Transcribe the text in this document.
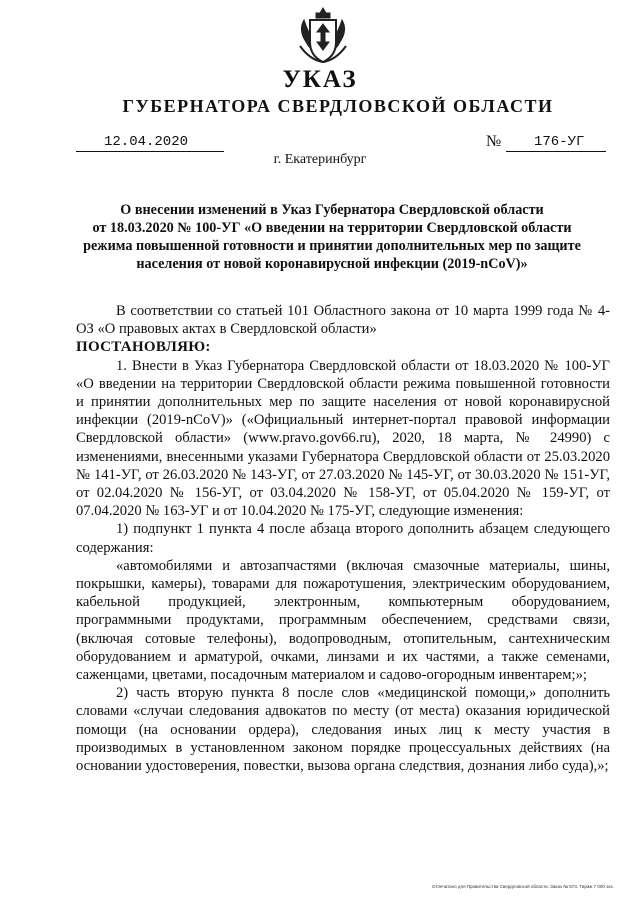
УКАЗ
ГУБЕРНАТОРА СВЕРДЛОВСКОЙ ОБЛАСТИ
12.04.2020	№	176-УГ
г. Екатеринбург
О внесении изменений в Указ Губернатора Свердловской области
от 18.03.2020 № 100-УГ «О введении на территории Свердловской области
режима повышенной готовности и принятии дополнительных мер по защите
населения от новой коронавирусной инфекции (2019-nCoV)»

В соответствии со статьей 101 Областного закона от 10 марта 1999 года № 4-ОЗ «О правовых актах в Свердловской области»

ПОСТАНОВЛЯЮ:

1. Внести в Указ Губернатора Свердловской области от 18.03.2020 № 100-УГ «О введении на территории Свердловской области режима повышенной готовности и принятии дополнительных мер по защите населения от новой коронавирусной инфекции (2019-nCoV)» («Официальный интернет-портал правовой информации Свердловской области» (www.pravo.gov66.ru), 2020, 18 марта, № 24990) с изменениями, внесенными указами Губернатора Свердловской области от 25.03.2020 № 141-УГ, от 26.03.2020 № 143-УГ, от 27.03.2020 № 145-УГ, от 30.03.2020 № 151-УГ, от 02.04.2020 № 156-УГ, от 03.04.2020 № 158-УГ, от 05.04.2020 № 159-УГ, от 07.04.2020 № 163-УГ и от 10.04.2020 № 175-УГ, следующие изменения:

1) подпункт 1 пункта 4 после абзаца второго дополнить абзацем следующего содержания:

«автомобилями и автозапчастями (включая смазочные материалы, шины, покрышки, камеры), товарами для пожаротушения, электрическим оборудованием, кабельной продукцией, электронным, компьютерным оборудованием, программными продуктами, программным обеспечением, средствами связи, (включая сотовые телефоны), водопроводным, отопительным, сантехническим оборудованием и арматурой, очками, линзами и их частями, а также семенами, саженцами, цветами, посадочным материалом и садово-огородным инвентарем;»;

2) часть вторую пункта 8 после слов «медицинской помощи,» дополнить словами «случаи следования адвокатов по месту (от места) оказания юридической помощи (на основании ордера), следования иных лиц к месту участия в производимых в установленном законом порядке процессуальных действиях (на основании удостоверения, повестки, вызова органа следствия, дознания либо суда),»;

Отпечатано для Правительства Свердловской области. Заказ № 573. Тираж 7 000 экз.
